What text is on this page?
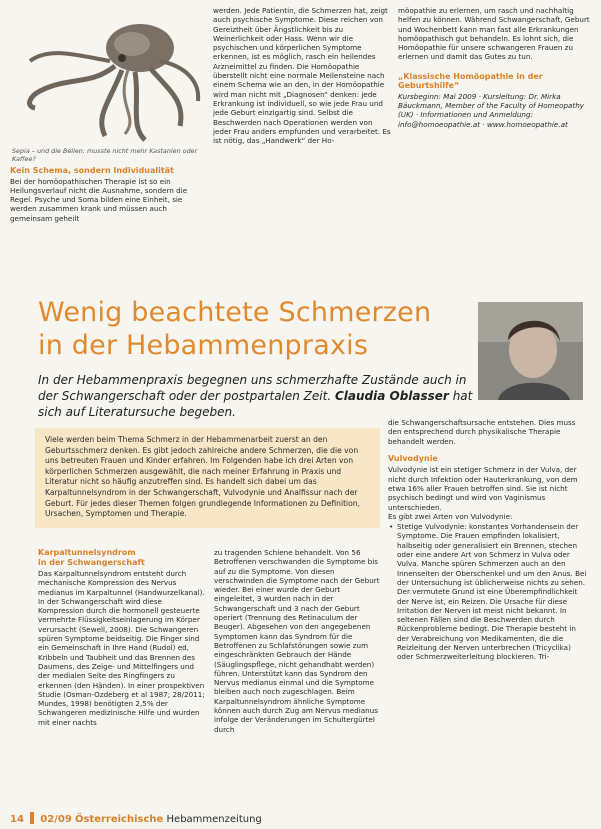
Sepia – und die Bellen: musste nicht mehr Kastanien oder Kaffee?
Kein Schema, sondern Individualität
Bei der homöopathischen Therapie ist so ein Heilungsverlauf nicht die Ausnahme, sondern die Regel. Psyche und Soma bilden eine Einheit, sie werden zusammen krank und müssen auch gemeinsam geheilt
werden. Jede Patientin, die Schmerzen hat, zeigt auch psychische Symptome. Diese reichen von Gereiztheit über Ängstlichkeit bis zu Weinerlichkeit oder Hass. Wenn wir die psychischen und körperlichen Symptome erkennen, ist es möglich, rasch ein heilendes Arzneimittel zu finden. Die Homöopathie überstellt nicht eine normale Meilensteine nach einem Schema wie an den, in der Homöopathie wird man nicht mit „Diagnosen“ denken: jede Erkrankung ist individuell, so wie jede Frau und jede Geburt einzigartig sind. Selbst die Beschwerden nach Operationen werden von jeder Frau anders empfunden und verarbeitet. Es ist nötig, das „Handwerk“ der Ho-
möopathie zu erlernen, um rasch und nachhaltig helfen zu können. Während Schwangerschaft, Geburt und Wochenbett kann man fast alle Erkrankungen homöopathisch gut behandeln. Es lohnt sich, die Homöopathie für unsere schwangeren Frauen zu erlernen und damit das Gutes zu tun.
„Klassische Homöopathie in der Geburtshilfe“
Kursbeginn: Mai 2009 · Kursleitung: Dr. Mirka Bäuckmann, Member of the Faculty of Homeopathy (UK) · Informationen und Anmeldung: info@homoeopathie.at · www.homoeopathie.at
Wenig beachtete Schmerzen
in der Hebammenpraxis
In der Hebammenpraxis begegnen uns schmerzhafte Zustände auch in der Schwangerschaft oder der postpartalen Zeit. Claudia Oblasser hat sich auf Literatursuche begeben.
Viele werden beim Thema Schmerz in der Hebammenarbeit zuerst an den Geburtsschmerz denken. Es gibt jedoch zahlreiche andere Schmerzen, die die von uns betreuten Frauen und Kinder erfahren. Im Folgenden habe ich drei Arten von körperlichen Schmerzen ausgewählt, die nach meiner Erfahrung in Praxis und Literatur nicht so häufig anzutreffen sind. Es handelt sich dabei um das Karpaltunnelsyndrom in der Schwangerschaft, Vulvodynie und Analfissur nach der Geburt. Für jedes dieser Themen folgen grundlegende Informationen zu Definition, Ursachen, Symptomen und Therapie.
die Schwangerschaftsursache entstehen. Dies muss den entsprechend durch physikalische Therapie behandelt werden.
Vulvodynie
Vulvodynie ist ein stetiger Schmerz in der Vulva, der nicht durch Infektion oder Hauterkrankung, von dem etwa 16% aller Frauen betroffen sind. Sie ist nicht psychisch bedingt und wird von Vaginismus unterschieden.
Es gibt zwei Arten von Vulvodynie:
• Stetige Vulvodynie: konstantes Vorhandensein der Symptome. Die Frauen empfinden lokalisiert, halbseitig oder generalisiert ein Brennen, stechen oder eine andere Art von Schmerz in Vulva oder Vulva. Manche spüren Schmerzen auch an den Innenseiten der Oberschenkel und um den Anus. Bei der Untersuchung ist üblicherweise nichts zu sehen. Der vermutete Grund ist eine Überempfindlichkeit der Nerve ist, ein Reizen. Die Ursache für diese Irritation der Nerven ist meist nicht bekannt. In seltenen Fällen sind die Beschwerden durch Rückenprobleme bedingt. Die Therapie besteht in der Verabreichung von Medikamenten, die die Reizleitung der Nerven unterbrechen (Tricyclika) oder Schmerzweiterleitung blockieren. Tri-
Karpaltunnelsyndrom
in der Schwangerschaft
Das Karpaltunnelsyndrom entsteht durch mechanische Kompression des Nervus medianus im Karpaltunnel (Handwurzelkanal). In der Schwangerschaft wird diese Kompression durch die hormonell gesteuerte vermehrte Flüssigkeitseinlagerung im Körper verursacht (Sewell, 2008). Die Schwangeren spüren Symptome beidseitig. Die Finger sind ein Gemeinschaft in Ihre Hand (Rudol) ed, Kribbeln und Taubheit und das Brennen des Daumens, des Zeige- und Mittelfingers und der medialen Seite des Ringfingers zu erkennen (den Händen). In einer prospektiven Studie (Osman-Ozdeberg et al 1987; 28/2011; Mundes, 1998) benötigten 2,5% der Schwangeren medizinische Hilfe und wurden mit einer nachts
zu tragenden Schiene behandelt. Von 56 Betroffenen verschwanden die Symptome bis auf zu die Symptome. Von diesen verschwinden die Symptome nach der Geburt wieder. Bei einer wurde der Geburt eingeleitet, 3 wurden nach in der Schwangerschaft und 3 nach der Geburt operiert (Trennung des Retinaculum der Beuger). Abgesehen von den angegebenen Symptomen kann das Syndrom für die Betroffenen zu Schlafstörungen sowie zum eingeschränkten Gebrauch der Hände (Säuglingspflege, nicht gehandhabt werden) führen. Unterstützt kann das Syndrom den Nervus medianus einmal und die Symptome bleiben auch noch zugeschlagen. Beim Karpaltunnelsyndrom ähnliche Symptome können auch durch Zug am Nervus medianus infolge der Veränderungen im Schultergürtel durch
14 02/09 Österreichische Hebammenzeitung
